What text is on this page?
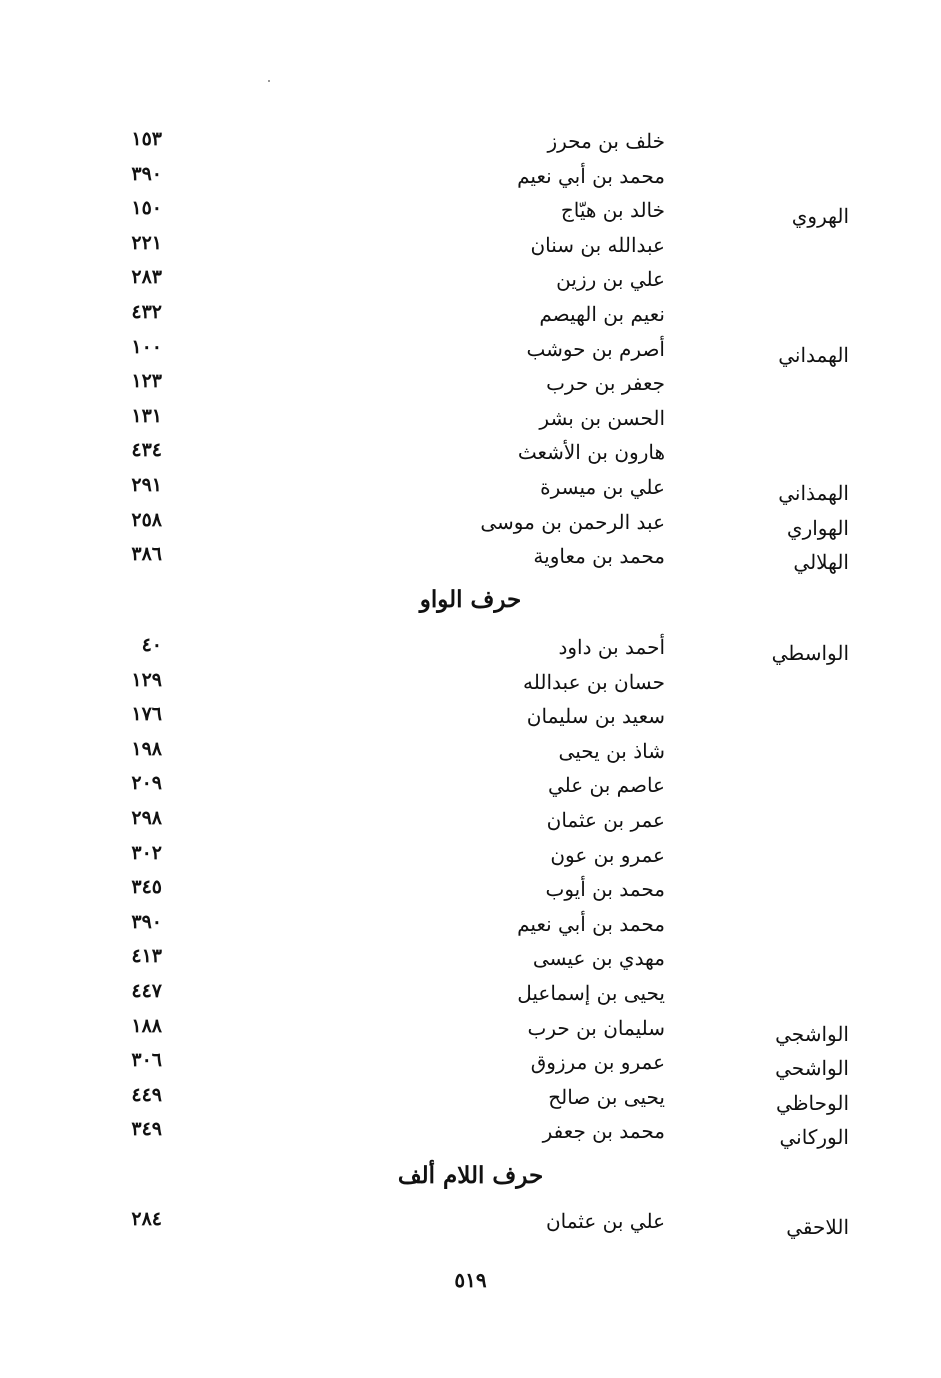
خلف بن محرز
١٥٣
محمد بن أبي نعيم
٣٩٠
الهروي
خالد بن هيّاج
١٥٠
عبدالله بن سنان
٢٢١
علي بن رزين
٢٨٣
نعيم بن الهيصم
٤٣٢
الهمداني
أصرم بن حوشب
١٠٠
جعفر بن حرب
١٢٣
الحسن بن بشر
١٣١
هارون بن الأشعث
٤٣٤
الهمذاني
علي بن ميسرة
٢٩١
الهواري
عبد الرحمن بن موسى
٢٥٨
الهلالي
محمد بن معاوية
٣٨٦
حرف الواو
الواسطي
أحمد بن داود
٤٠
حسان بن عبدالله
١٢٩
سعيد بن سليمان
١٧٦
شاذ بن يحيى
١٩٨
عاصم بن علي
٢٠٩
عمر بن عثمان
٢٩٨
عمرو بن عون
٣٠٢
محمد بن أيوب
٣٤٥
محمد بن أبي نعيم
٣٩٠
مهدي بن عيسى
٤١٣
يحيى بن إسماعيل
٤٤٧
الواشجي
سليمان بن حرب
١٨٨
الواشحي
عمرو بن مرزوق
٣٠٦
الوحاظي
يحيى بن صالح
٤٤٩
الوركاني
محمد بن جعفر
٣٤٩
حرف اللام ألف
اللاحقي
علي بن عثمان
٢٨٤
٥١٩
